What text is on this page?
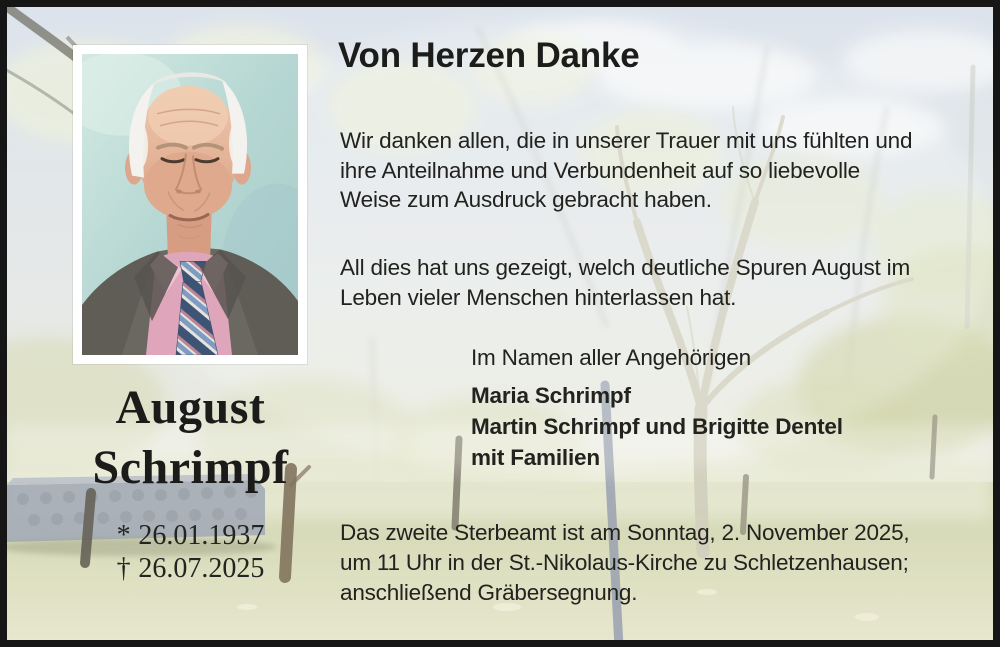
August
Schrimpf
* 26.01.1937
† 26.07.2025
Von Herzen Danke
Wir danken allen, die in unserer Trauer mit uns fühlten und
ihre Anteilnahme und Verbundenheit auf so liebevolle
Weise zum Ausdruck gebracht haben.
All dies hat uns gezeigt, welch deutliche Spuren August im
Leben vieler Menschen hinterlassen hat.
Im Namen aller Angehörigen
Maria Schrimpf
Martin Schrimpf und Brigitte Dentel
mit Familien
Das zweite Sterbeamt ist am Sonntag, 2. November 2025,
um 11 Uhr in der St.-Nikolaus-Kirche zu Schletzenhausen;
anschließend Gräbersegnung.
